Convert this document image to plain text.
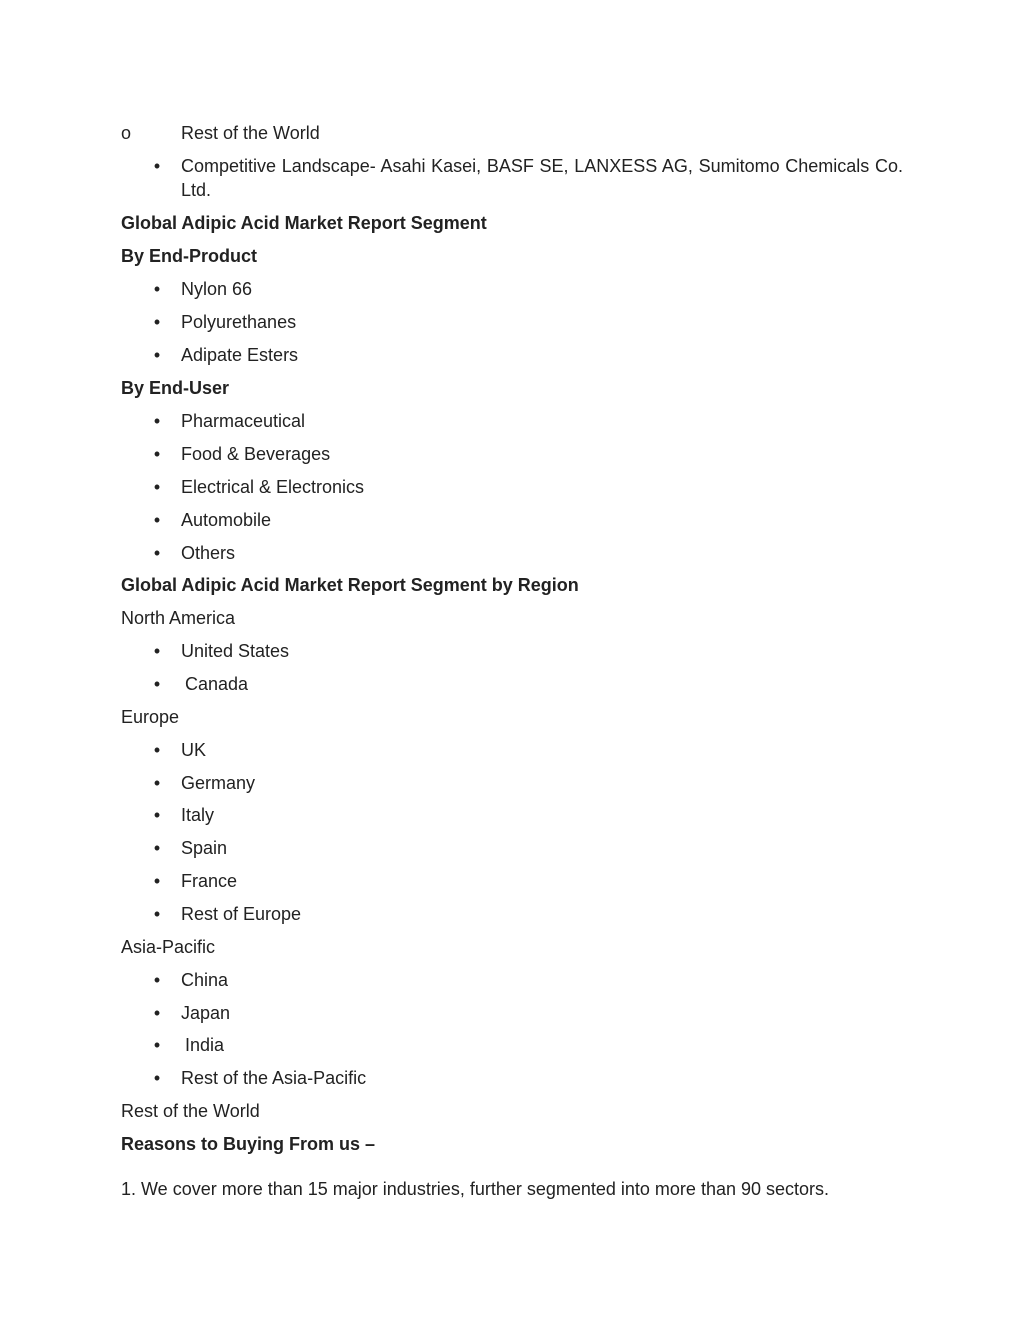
o	Rest of the World
• Competitive Landscape- Asahi Kasei, BASF SE, LANXESS AG, Sumitomo Chemicals Co. Ltd.
Global Adipic Acid Market Report Segment
By End-Product
• Nylon 66
• Polyurethanes
• Adipate Esters
By End-User
• Pharmaceutical
• Food & Beverages
• Electrical & Electronics
• Automobile
• Others
Global Adipic Acid Market Report Segment by Region
North America
• United States
• Canada
Europe
• UK
• Germany
• Italy
• Spain
• France
• Rest of Europe
Asia-Pacific
• China
• Japan
• India
• Rest of the Asia-Pacific
Rest of the World
Reasons to Buying From us –
1. We cover more than 15 major industries, further segmented into more than 90 sectors.
